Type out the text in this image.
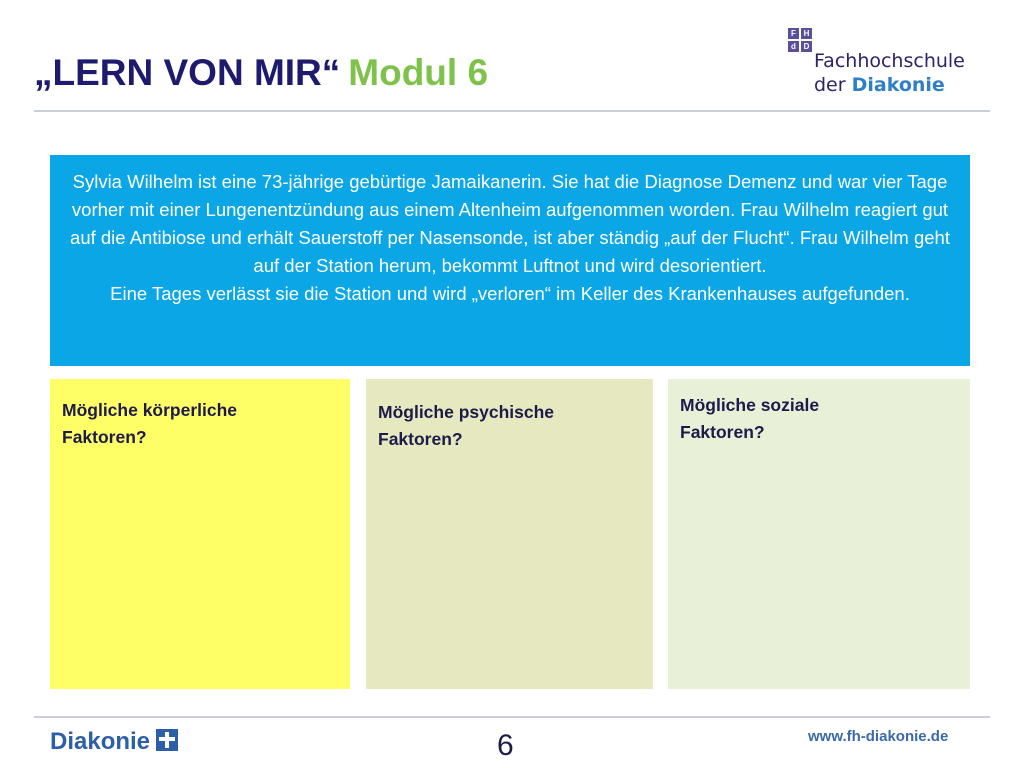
„LERN VON MIR“ Modul 6
F H
d D
Fachhochschule
der Diakonie

Sylvia Wilhelm ist eine 73-jährige gebürtige Jamaikanerin. Sie hat die Diagnose Demenz und war vier Tage vorher mit einer Lungenentzündung aus einem Altenheim aufgenommen worden. Frau Wilhelm reagiert gut auf die Antibiose und erhält Sauerstoff per Nasensonde, ist aber ständig „auf der Flucht“. Frau Wilhelm geht auf der Station herum, bekommt Luftnot und wird desorientiert.

Eine Tages verlässt sie die Station und wird „verloren“ im Keller des Krankenhauses aufgefunden.

Mögliche körperliche
Faktoren?
Mögliche psychische
Faktoren?
Mögliche soziale
Faktoren?
Diakonie	6	www.fh-diakonie.de
